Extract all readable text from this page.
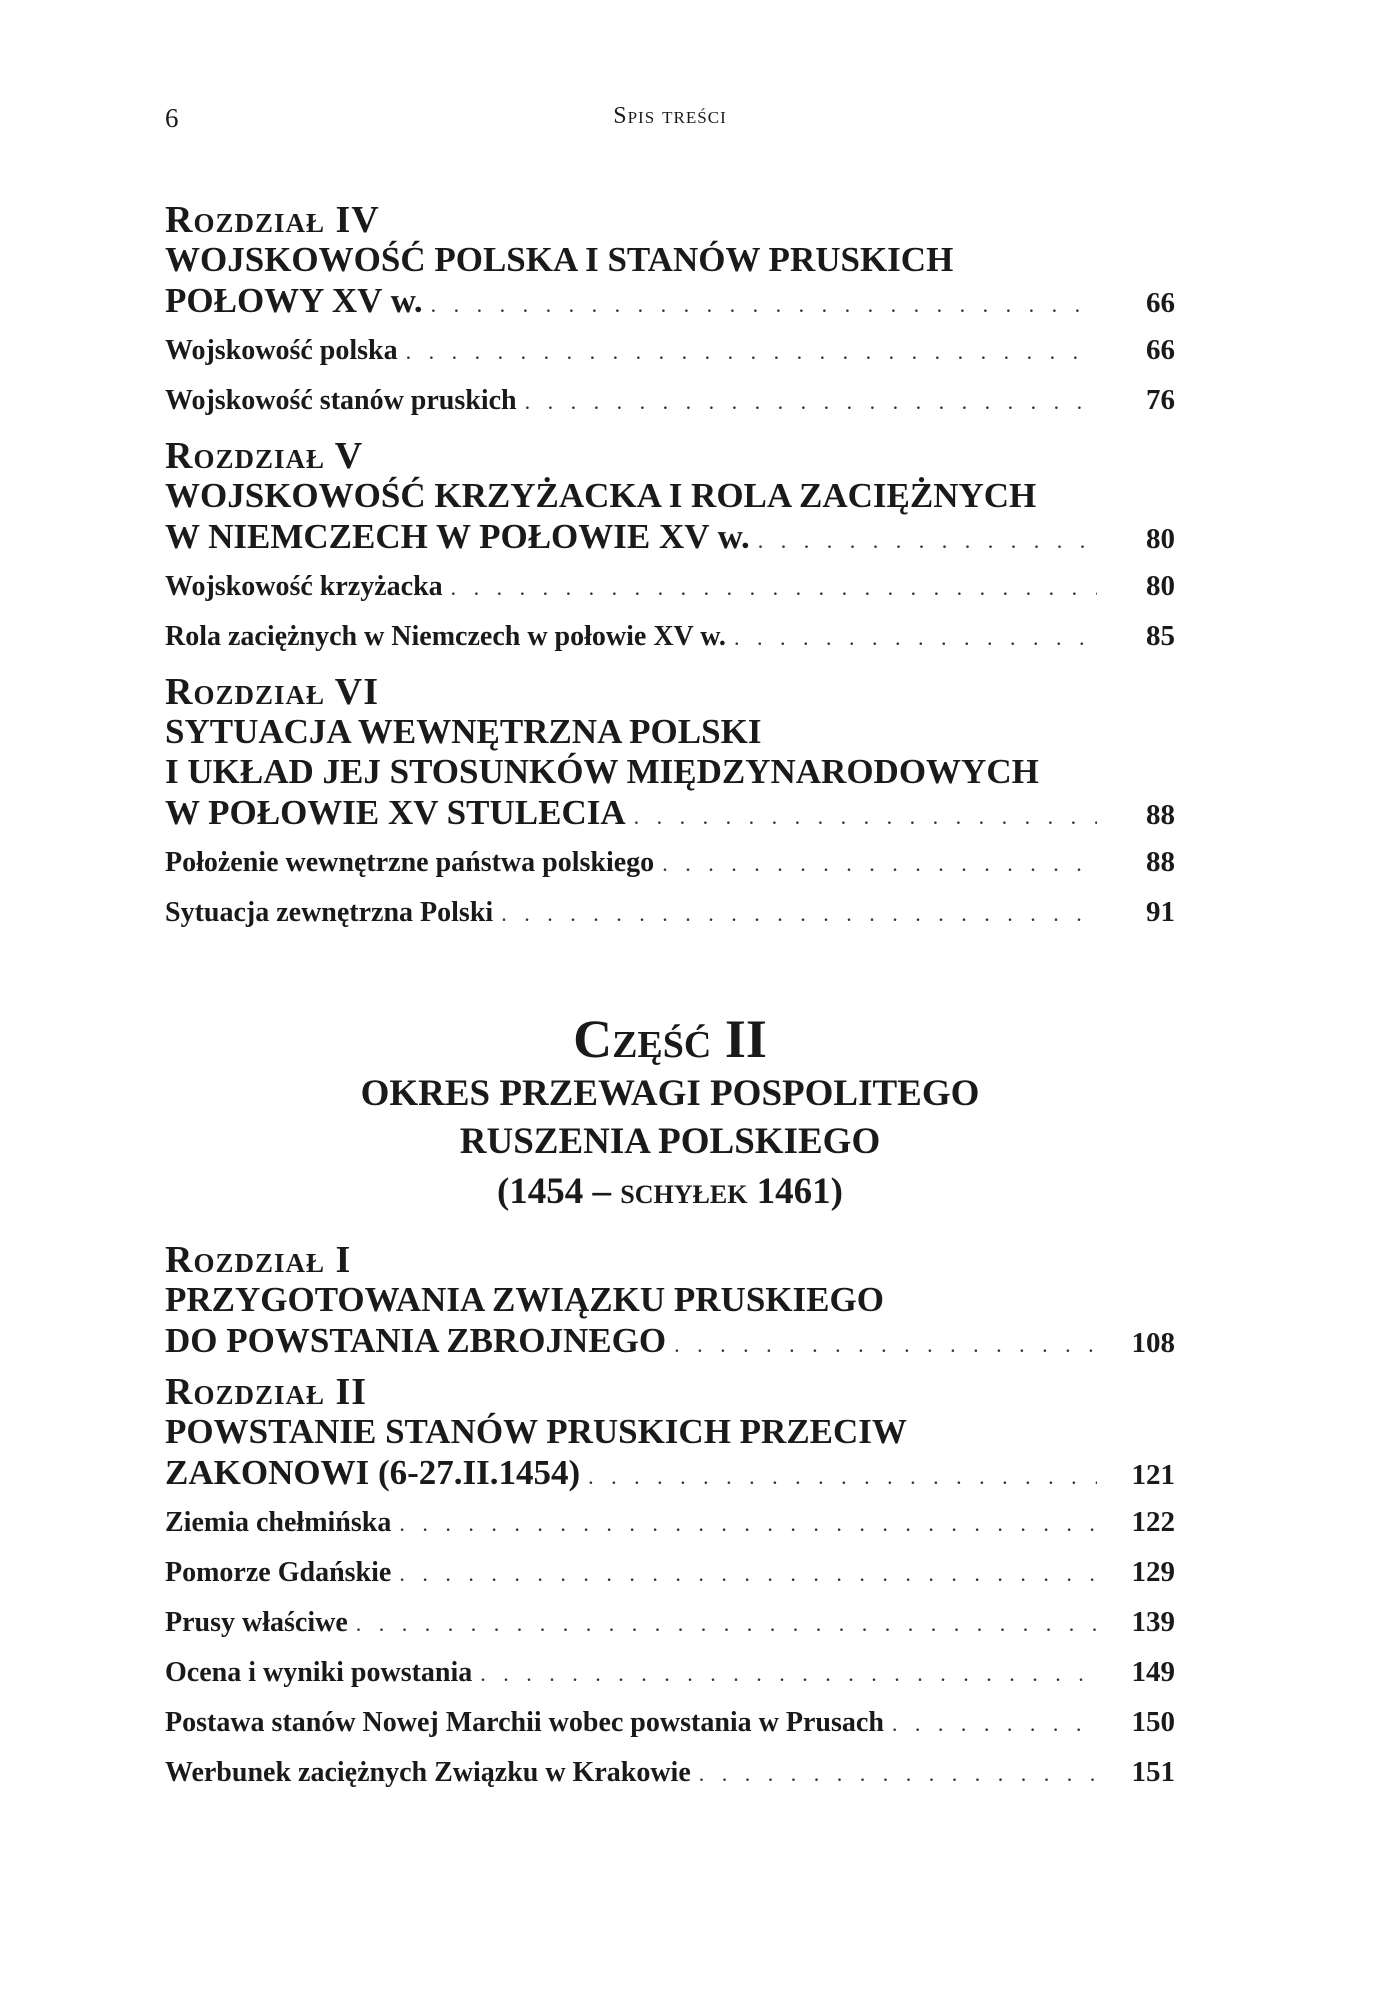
6	Spis treści
Rozdział IV
WOJSKOWOŚĆ POLSKA I STANÓW PRUSKICH
POŁOWY XV w. . . .	66
Wojskowość polska . . .	66
Wojskowość stanów pruskich . . .	76
Rozdział V
WOJSKOWOŚĆ KRZYŻACKA I ROLA ZACIĘŻNYCH
W NIEMCZECH W POŁOWIE XV w. . . .	80
Wojskowość krzyżacka . . .	80
Rola zaciężnych w Niemczech w połowie XV w. . . .	85
Rozdział VI
SYTUACJA WEWNĘTRZNA POLSKI
I UKŁAD JEJ STOSUNKÓW MIĘDZYNARODOWYCH
W POŁOWIE XV STULECIA . . .	88
Położenie wewnętrzne państwa polskiego . . .	88
Sytuacja zewnętrzna Polski . . .	91
Część II
OKRES PRZEWAGI POSPOLITEGO
RUSZENIA POLSKIEGO
(1454 – schyłek 1461)
Rozdział I
PRZYGOTOWANIA ZWIĄZKU PRUSKIEGO
DO POWSTANIA ZBROJNEGO . . .	108
Rozdział II
POWSTANIE STANÓW PRUSKICH PRZECIW
ZAKONOWI (6-27.II.1454) . . .	121
Ziemia chełmińska . . .	122
Pomorze Gdańskie . . .	129
Prusy właściwe . . .	139
Ocena i wyniki powstania . . .	149
Postawa stanów Nowej Marchii wobec powstania w Prusach . . .	150
Werbunek zaciężnych Związku w Krakowie . . .	151
